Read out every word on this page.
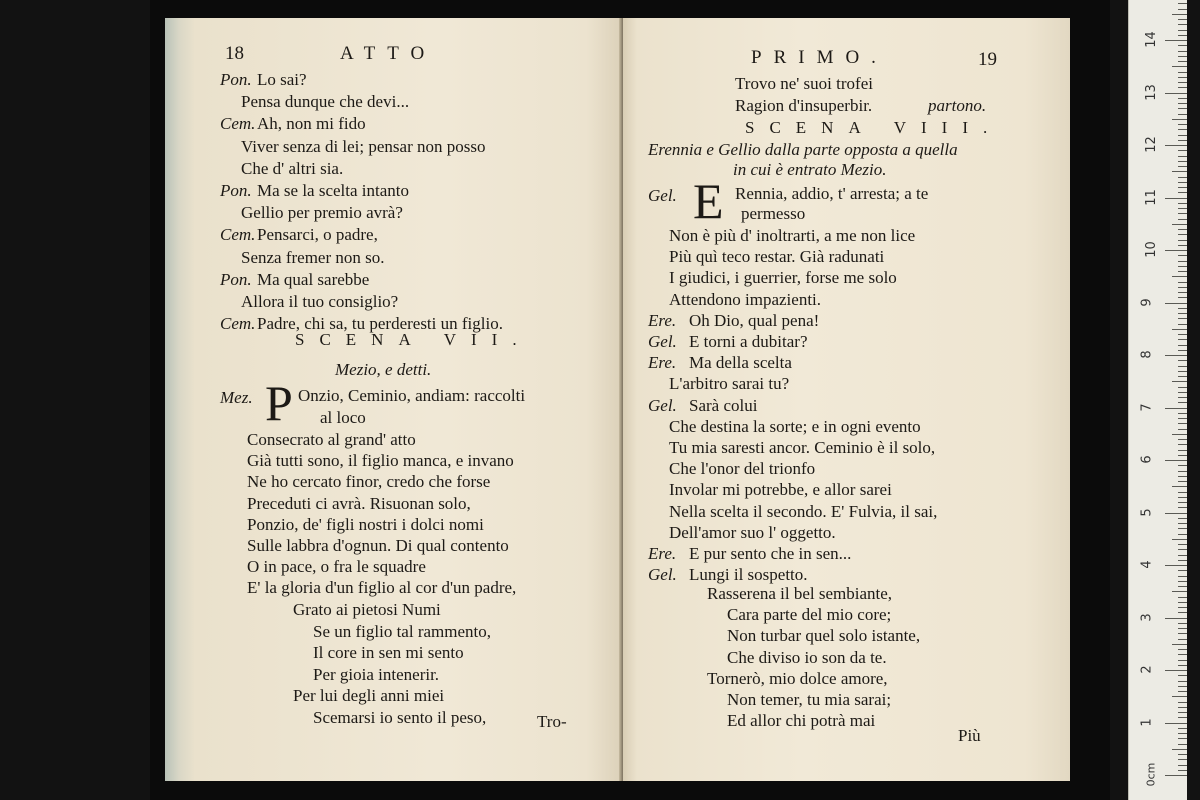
18	ATTO
Pon. Lo sai?
Pensa dunque che devi...
Cem. Ah, non mi fido
Viver senza di lei; pensar non posso
Che d' altri sia.
Pon. Ma se la scelta intanto
Gellio per premio avrà?
Cem. Pensarci, o padre,
Senza fremer non so.
Pon. Ma qual sarebbe
Allora il tuo consiglio?
Cem. Padre, chi sa, tu perderesti un figlio.
SCENA VII.
Mezio, e detti.
Mez. P Onzio, Ceminio, andiam: raccolti
al loco
Consecrato al grand' atto
Già tutti sono, il figlio manca, e invano
Ne ho cercato finor, credo che forse
Preceduti ci avrà. Risuonan solo,
Ponzio, de' figli nostri i dolci nomi
Sulle labbra d'ognun. Di qual contento
O in pace, o fra le squadre
E' la gloria d'un figlio al cor d'un padre,
Grato ai pietosi Numi
Se un figlio tal rammento,
Il core in sen mi sento
Per gioia intenerir.
Per lui degli anni miei
Scemarsi io sento il peso,	Tro-
PRIMO.	19
Trovo ne' suoi trofei
Ragion d'insuperbir.	partono.
SCENA VIII.
Erennia e Gellio dalla parte opposta a quella
in cui è entrato Mezio.
Gel. E Rennia, addio, t' arresta; a te
permesso
Non è più d' inoltrarti, a me non lice
Più quì teco restar. Già radunati
I giudici, i guerrier, forse me solo
Attendono impazienti.
Ere. Oh Dio, qual pena!
Gel. E torni a dubitar?
Ere. Ma della scelta
L'arbitro sarai tu?
Gel. Sarà colui
Che destina la sorte; e in ogni evento
Tu mia saresti ancor. Ceminio è il solo,
Che l'onor del trionfo
Involar mi potrebbe, e allor sarei
Nella scelta il secondo. E' Fulvia, il sai,
Dell'amor suo l' oggetto.
Ere. E pur sento che in sen...
Gel. Lungi il sospetto.
Rasserena il bel sembiante,
Cara parte del mio core;
Non turbar quel solo istante,
Che diviso io son da te.
Tornerò, mio dolce amore,
Non temer, tu mia sarai;
Ed allor chi potrà mai
Più
14
13
12
11
10
9
8
7
6
5
4
3
2
1
0cm
